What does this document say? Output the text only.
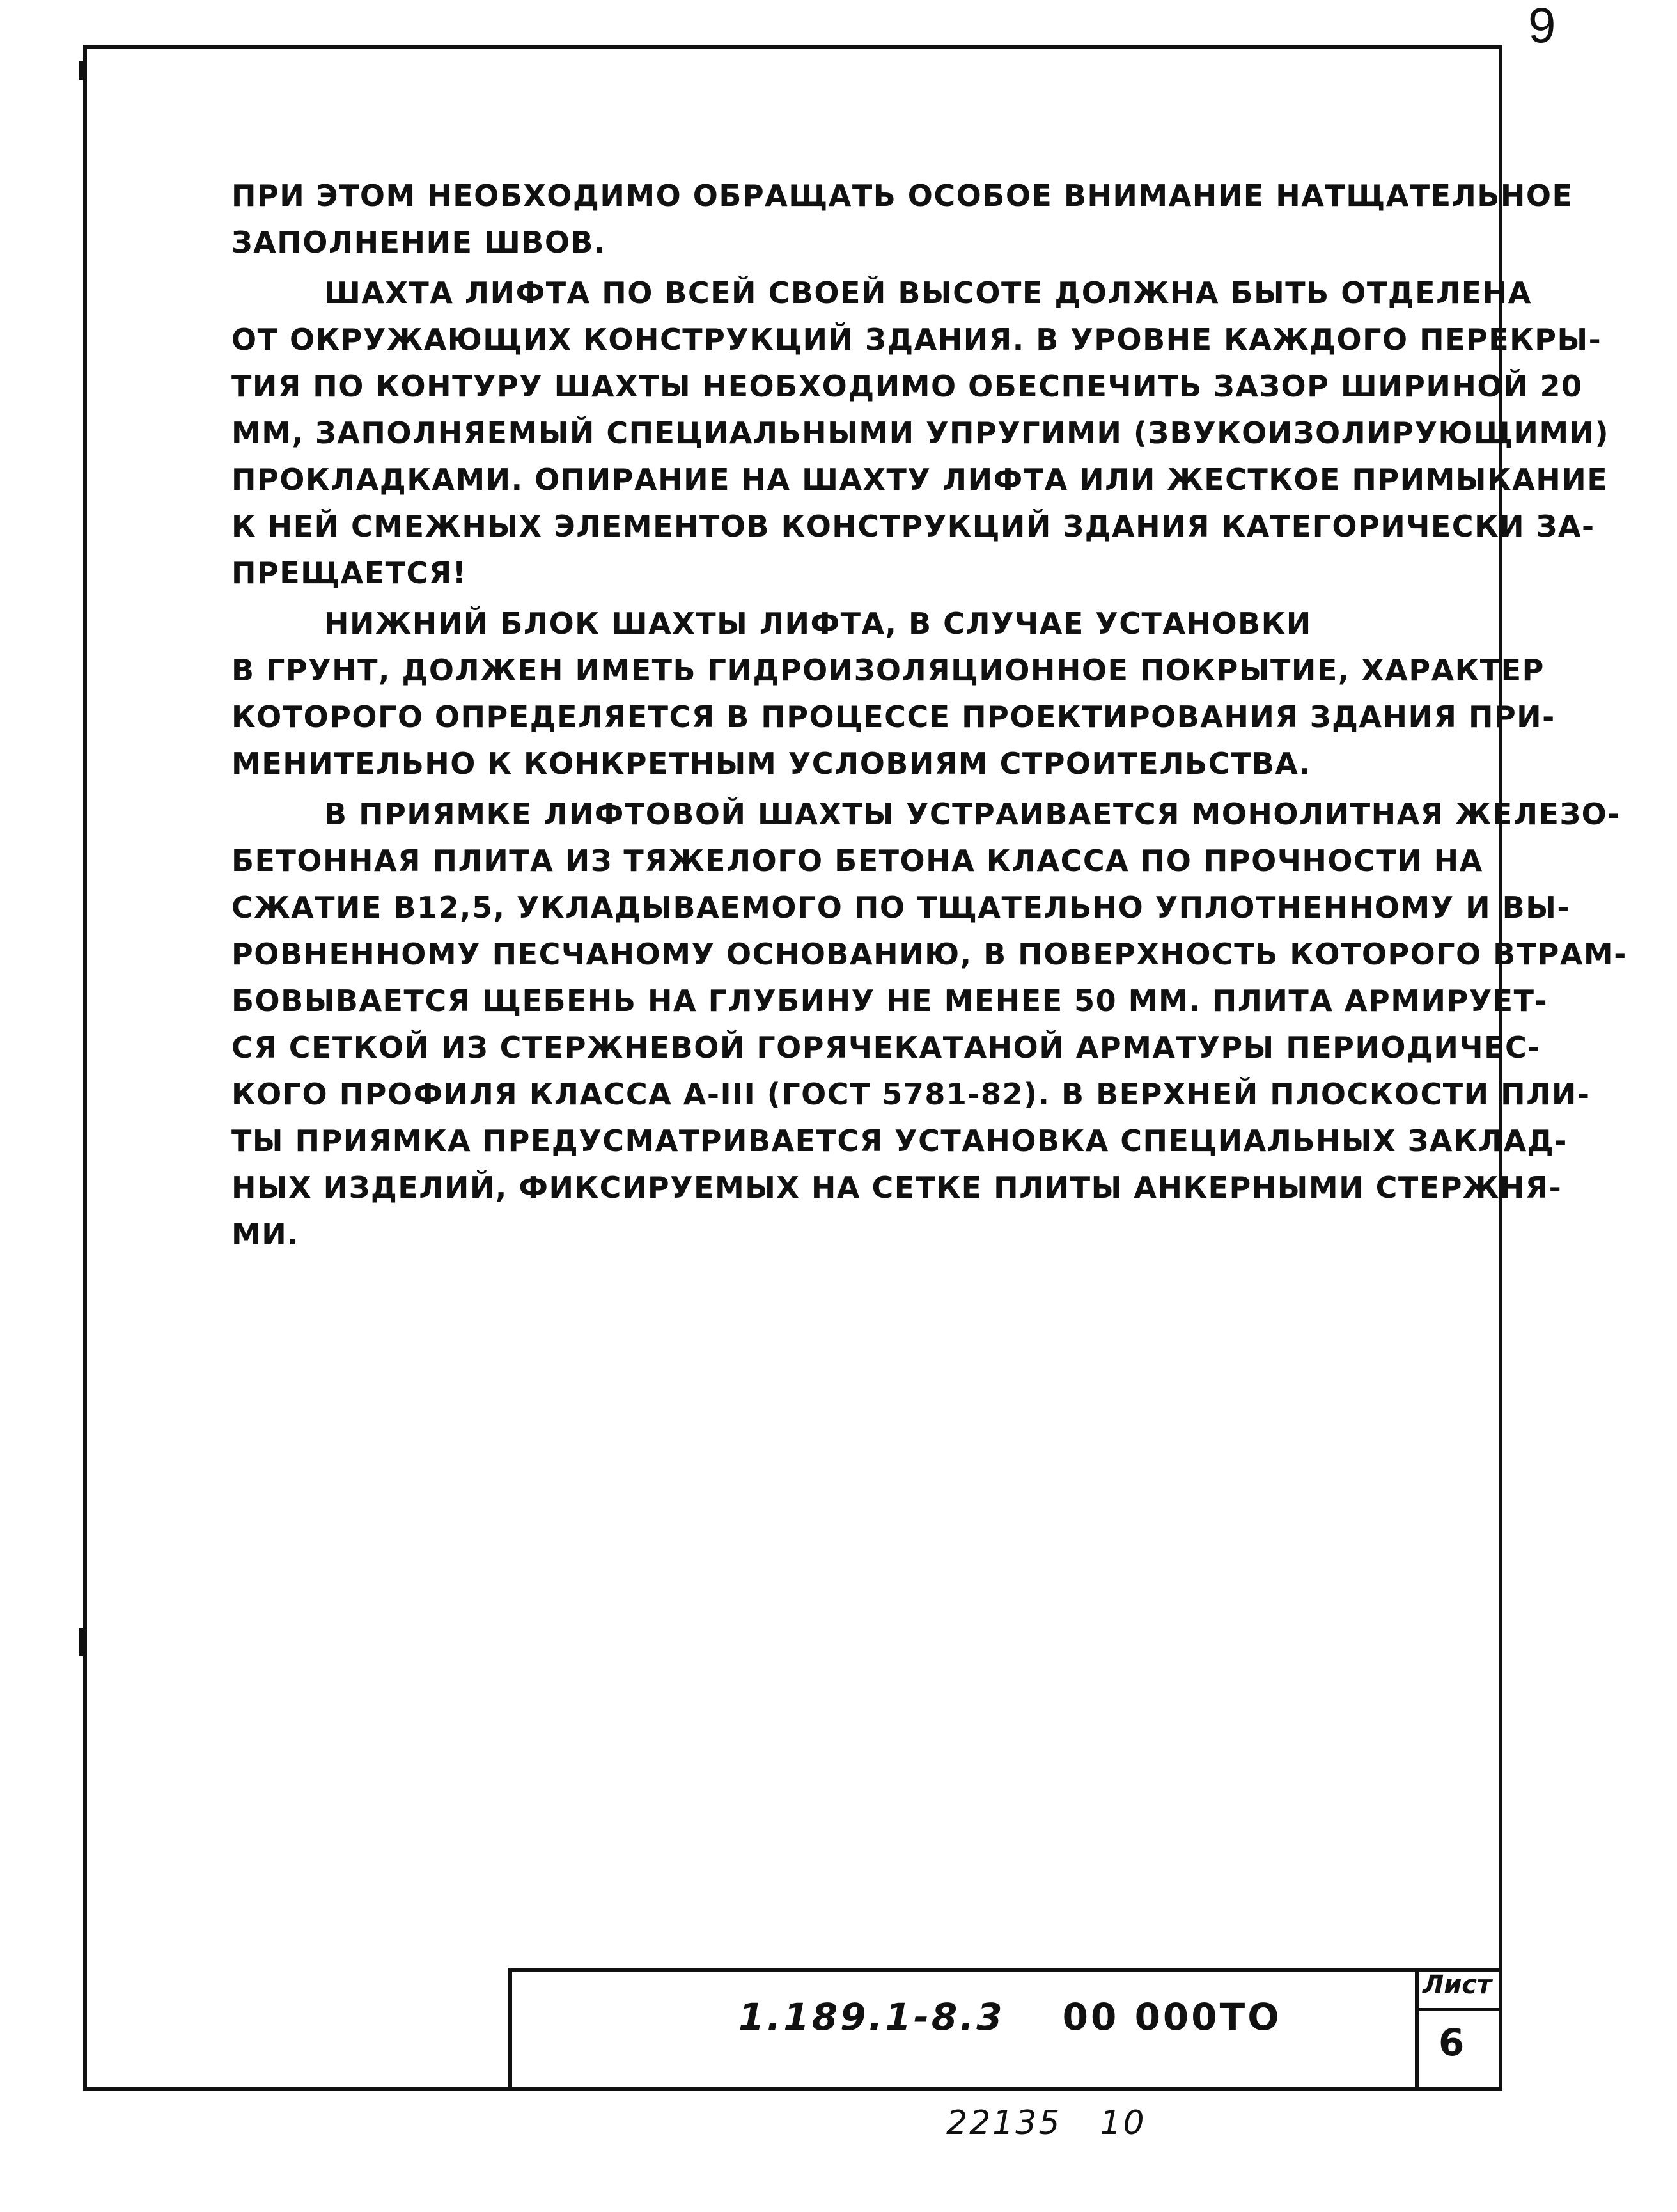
9
ПРИ ЭТОМ НЕОБХОДИМО ОБРАЩАТЬ ОСОБОЕ ВНИМАНИЕ НАТЩАТЕЛЬНОЕ
ЗАПОЛНЕНИЕ ШВОВ.
ШАХТА ЛИФТА ПО ВСЕЙ СВОЕЙ ВЫСОТЕ ДОЛЖНА БЫТЬ ОТДЕЛЕНА
ОТ ОКРУЖАЮЩИХ КОНСТРУКЦИЙ ЗДАНИЯ. В УРОВНЕ КАЖДОГО ПЕРЕКРЫ-
ТИЯ ПО КОНТУРУ ШАХТЫ НЕОБХОДИМО ОБЕСПЕЧИТЬ ЗАЗОР ШИРИНОЙ 20
ММ, ЗАПОЛНЯЕМЫЙ СПЕЦИАЛЬНЫМИ УПРУГИМИ (ЗВУКОИЗОЛИРУЮЩИМИ)
ПРОКЛАДКАМИ. ОПИРАНИЕ НА ШАХТУ ЛИФТА ИЛИ ЖЕСТКОЕ ПРИМЫКАНИЕ
К НЕЙ СМЕЖНЫХ ЭЛЕМЕНТОВ КОНСТРУКЦИЙ ЗДАНИЯ КАТЕГОРИЧЕСКИ ЗА-
ПРЕЩАЕТСЯ!
НИЖНИЙ БЛОК ШАХТЫ ЛИФТА, В СЛУЧАЕ УСТАНОВКИ
В ГРУНТ, ДОЛЖЕН ИМЕТЬ ГИДРОИЗОЛЯЦИОННОЕ ПОКРЫТИЕ, ХАРАКТЕР
КОТОРОГО ОПРЕДЕЛЯЕТСЯ В ПРОЦЕССЕ ПРОЕКТИРОВАНИЯ ЗДАНИЯ ПРИ-
МЕНИТЕЛЬНО К КОНКРЕТНЫМ УСЛОВИЯМ СТРОИТЕЛЬСТВА.
В ПРИЯМКЕ ЛИФТОВОЙ ШАХТЫ УСТРАИВАЕТСЯ МОНОЛИТНАЯ ЖЕЛЕЗО-
БЕТОННАЯ ПЛИТА ИЗ ТЯЖЕЛОГО БЕТОНА КЛАССА ПО ПРОЧНОСТИ НА
СЖАТИЕ В12,5, УКЛАДЫВАЕМОГО ПО ТЩАТЕЛЬНО УПЛОТНЕННОМУ И ВЫ-
РОВНЕННОМУ ПЕСЧАНОМУ ОСНОВАНИЮ, В ПОВЕРХНОСТЬ КОТОРОГО ВТРАМ-
БОВЫВАЕТСЯ ЩЕБЕНЬ НА ГЛУБИНУ НЕ МЕНЕЕ 50 ММ. ПЛИТА АРМИРУЕТ-
СЯ СЕТКОЙ ИЗ СТЕРЖНЕВОЙ ГОРЯЧЕКАТАНОЙ АРМАТУРЫ ПЕРИОДИЧЕС-
КОГО ПРОФИЛЯ КЛАССА А-III (ГОСТ 5781-82). В ВЕРХНЕЙ ПЛОСКОСТИ ПЛИ-
ТЫ ПРИЯМКА ПРЕДУСМАТРИВАЕТСЯ УСТАНОВКА СПЕЦИАЛЬНЫХ ЗАКЛАД-
НЫХ ИЗДЕЛИЙ, ФИКСИРУЕМЫХ НА СЕТКЕ ПЛИТЫ АНКЕРНЫМИ СТЕРЖНЯ-
МИ.
1.189.1-8.3 00 000ТО
Лист
6
22135 10
